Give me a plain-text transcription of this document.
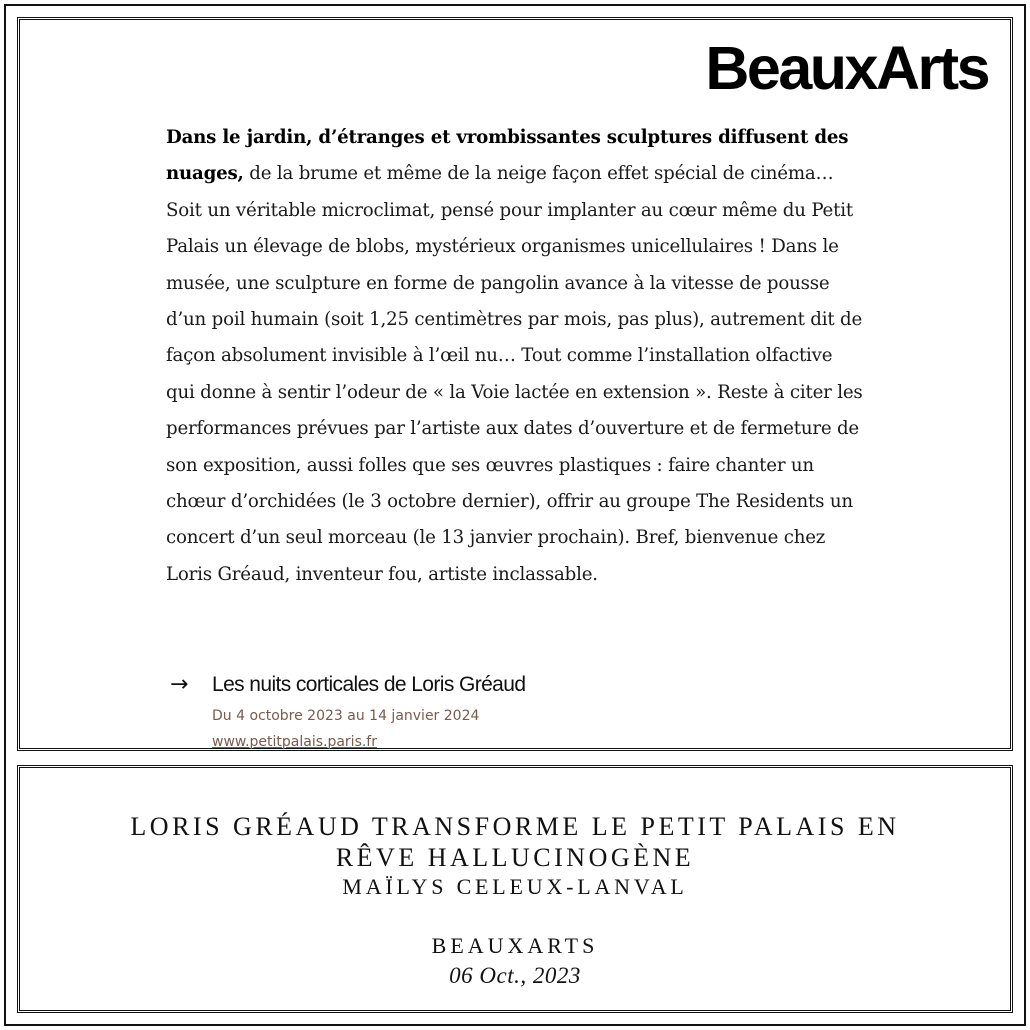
BeauxArts

Dans le jardin, d’étranges et vrombissantes sculptures diffusent des nuages, de la brume et même de la neige façon effet spécial de cinéma… Soit un véritable microclimat, pensé pour implanter au cœur même du Petit Palais un élevage de blobs, mystérieux organismes unicellulaires ! Dans le musée, une sculpture en forme de pangolin avance à la vitesse de pousse d’un poil humain (soit 1,25 centimètres par mois, pas plus), autrement dit de façon absolument invisible à l’œil nu… Tout comme l’installation olfactive qui donne à sentir l’odeur de « la Voie lactée en extension ». Reste à citer les performances prévues par l’artiste aux dates d’ouverture et de fermeture de son exposition, aussi folles que ses œuvres plastiques : faire chanter un chœur d’orchidées (le 3 octobre dernier), offrir au groupe The Residents un concert d’un seul morceau (le 13 janvier prochain). Bref, bienvenue chez Loris Gréaud, inventeur fou, artiste inclassable.

→ Les nuits corticales de Loris Gréaud
Du 4 octobre 2023 au 14 janvier 2024
www.petitpalais.paris.fr
LORIS GRÉAUD TRANSFORME LE PETIT PALAIS EN RÊVE HALLUCINOGÈNE
MAÏLYS CELEUX-LANVAL
BEAUXARTS
06 Oct., 2023
